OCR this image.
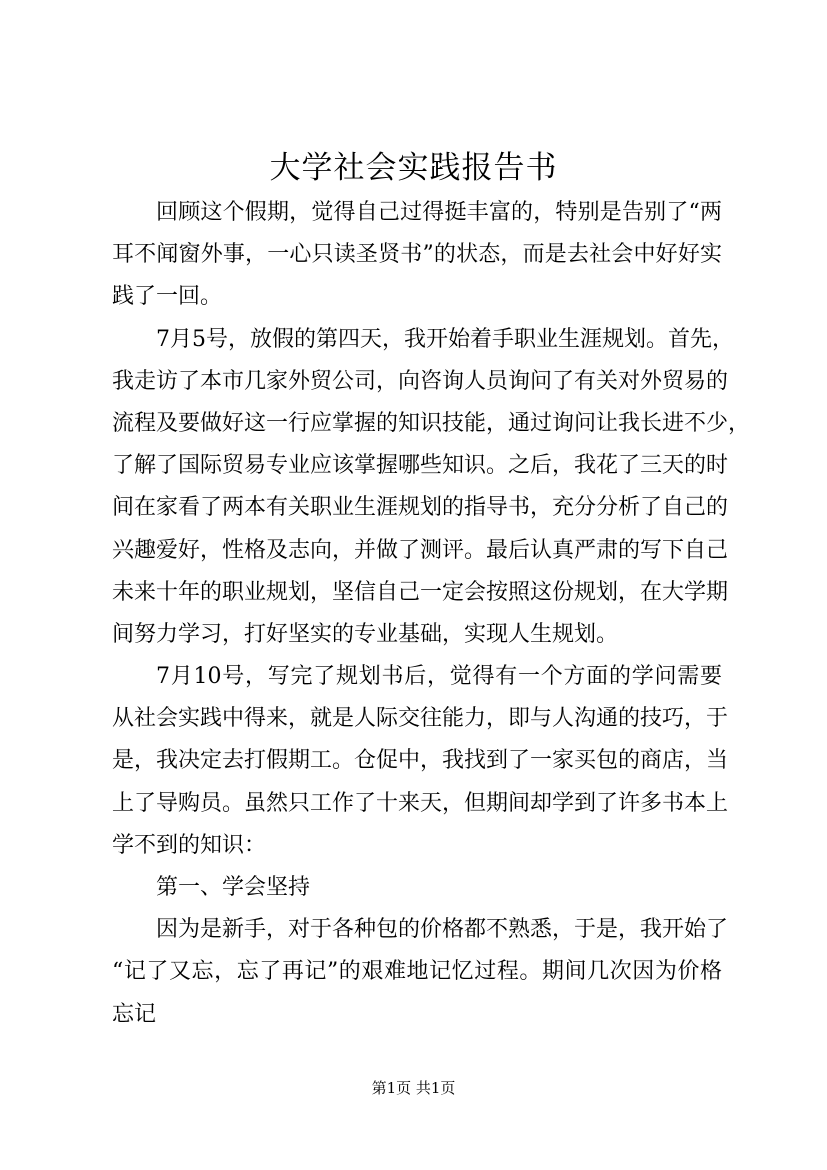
大学社会实践报告书
回顾这个假期，觉得自己过得挺丰富的，特别是告别了“两
耳不闻窗外事，一心只读圣贤书”的状态，而是去社会中好好实
践了一回。
7月5号，放假的第四天，我开始着手职业生涯规划。首先，
我走访了本市几家外贸公司，向咨询人员询问了有关对外贸易的
流程及要做好这一行应掌握的知识技能，通过询问让我长进不少，
了解了国际贸易专业应该掌握哪些知识。之后，我花了三天的时
间在家看了两本有关职业生涯规划的指导书，充分分析了自己的
兴趣爱好，性格及志向，并做了测评。最后认真严肃的写下自己
未来十年的职业规划，坚信自己一定会按照这份规划，在大学期
间努力学习，打好坚实的专业基础，实现人生规划。
7月10号，写完了规划书后，觉得有一个方面的学问需要
从社会实践中得来，就是人际交往能力，即与人沟通的技巧，于
是，我决定去打假期工。仓促中，我找到了一家买包的商店，当
上了导购员。虽然只工作了十来天，但期间却学到了许多书本上
学不到的知识：
第一、学会坚持
因为是新手，对于各种包的价格都不熟悉，于是，我开始了
“记了又忘，忘了再记”的艰难地记忆过程。期间几次因为价格
忘记
第1页 共1页
